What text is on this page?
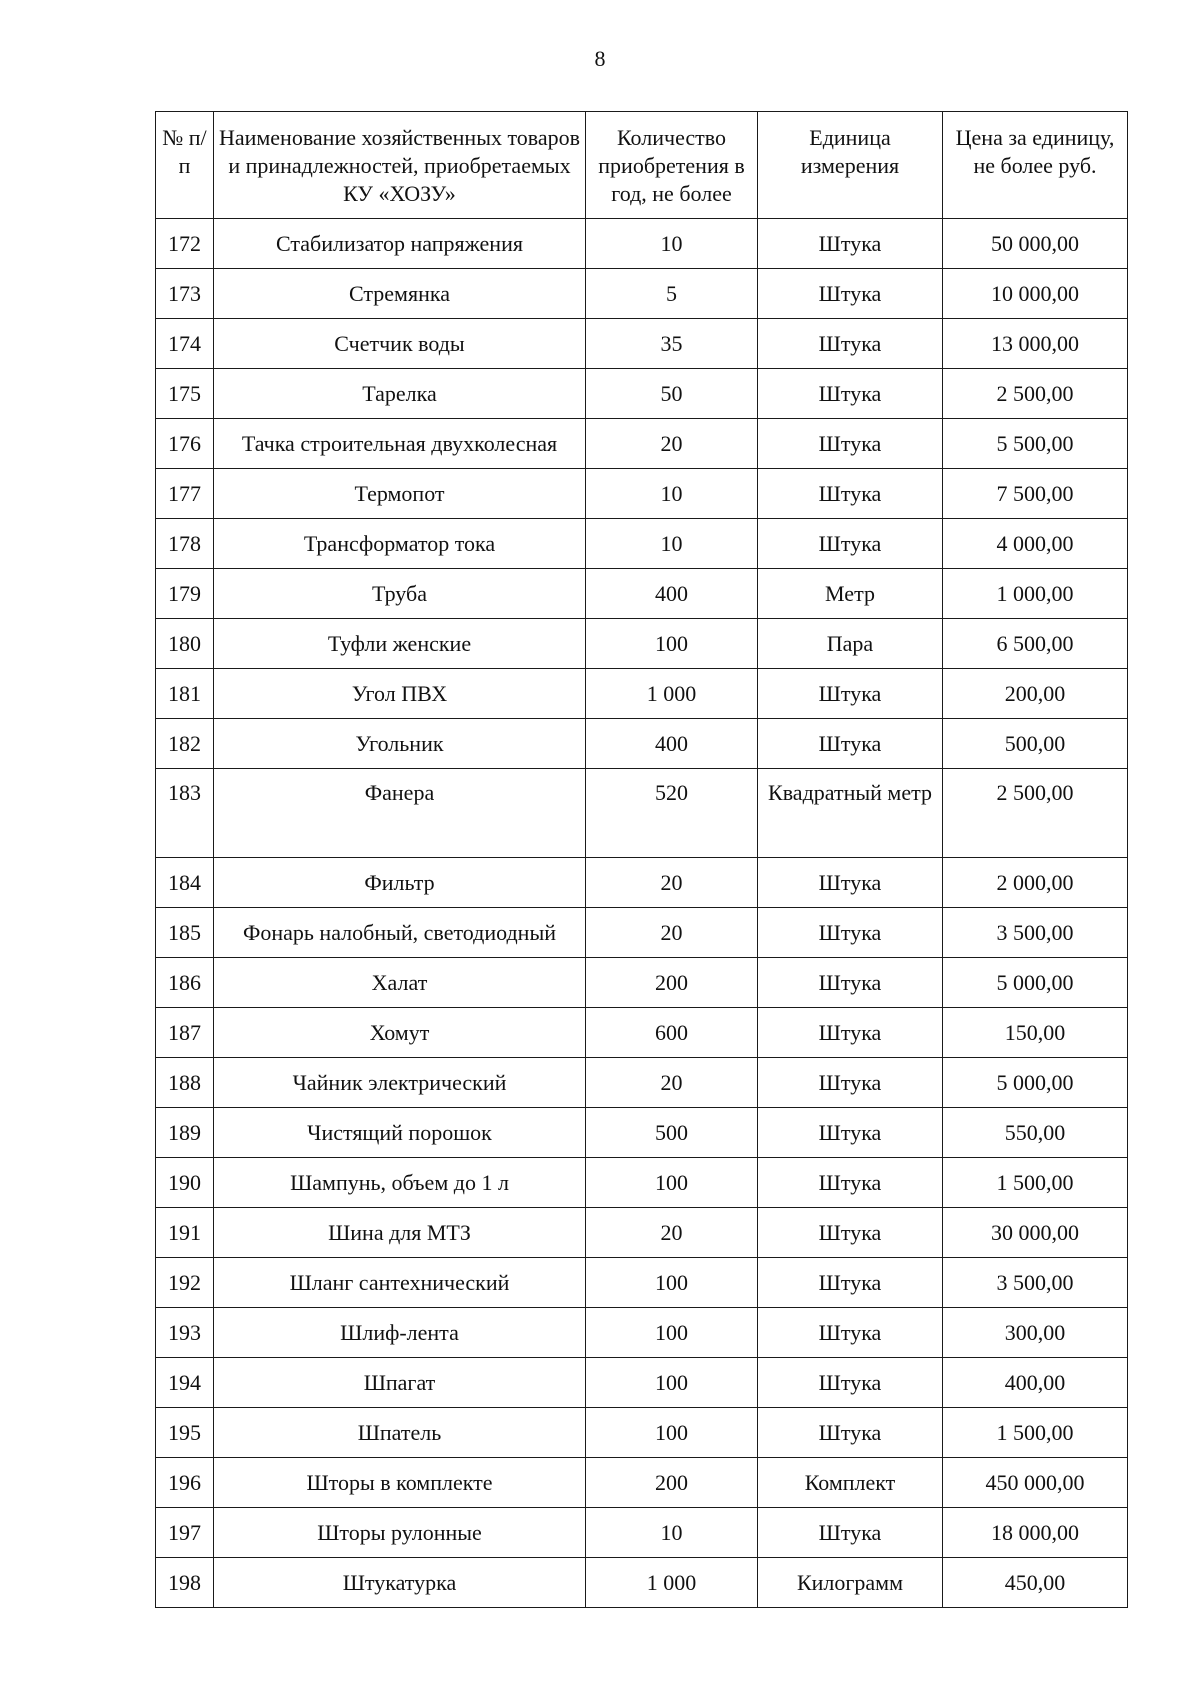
8
№ п/п	Наименование хозяйственных товаров и принадлежностей, приобретаемых КУ «ХОЗУ»	Количество приобретения в год, не более	Единица измерения	Цена за единицу, не более руб.
172	Стабилизатор напряжения	10	Штука	50 000,00
173	Стремянка	5	Штука	10 000,00
174	Счетчик воды	35	Штука	13 000,00
175	Тарелка	50	Штука	2 500,00
176	Тачка строительная двухколесная	20	Штука	5 500,00
177	Термопот	10	Штука	7 500,00
178	Трансформатор тока	10	Штука	4 000,00
179	Труба	400	Метр	1 000,00
180	Туфли женские	100	Пара	6 500,00
181	Угол ПВХ	1 000	Штука	200,00
182	Угольник	400	Штука	500,00
183	Фанера	520	Квадратный метр	2 500,00
184	Фильтр	20	Штука	2 000,00
185	Фонарь налобный, светодиодный	20	Штука	3 500,00
186	Халат	200	Штука	5 000,00
187	Хомут	600	Штука	150,00
188	Чайник электрический	20	Штука	5 000,00
189	Чистящий порошок	500	Штука	550,00
190	Шампунь, объем до 1 л	100	Штука	1 500,00
191	Шина для МТЗ	20	Штука	30 000,00
192	Шланг сантехнический	100	Штука	3 500,00
193	Шлиф-лента	100	Штука	300,00
194	Шпагат	100	Штука	400,00
195	Шпатель	100	Штука	1 500,00
196	Шторы в комплекте	200	Комплект	450 000,00
197	Шторы рулонные	10	Штука	18 000,00
198	Штукатурка	1 000	Килограмм	450,00
